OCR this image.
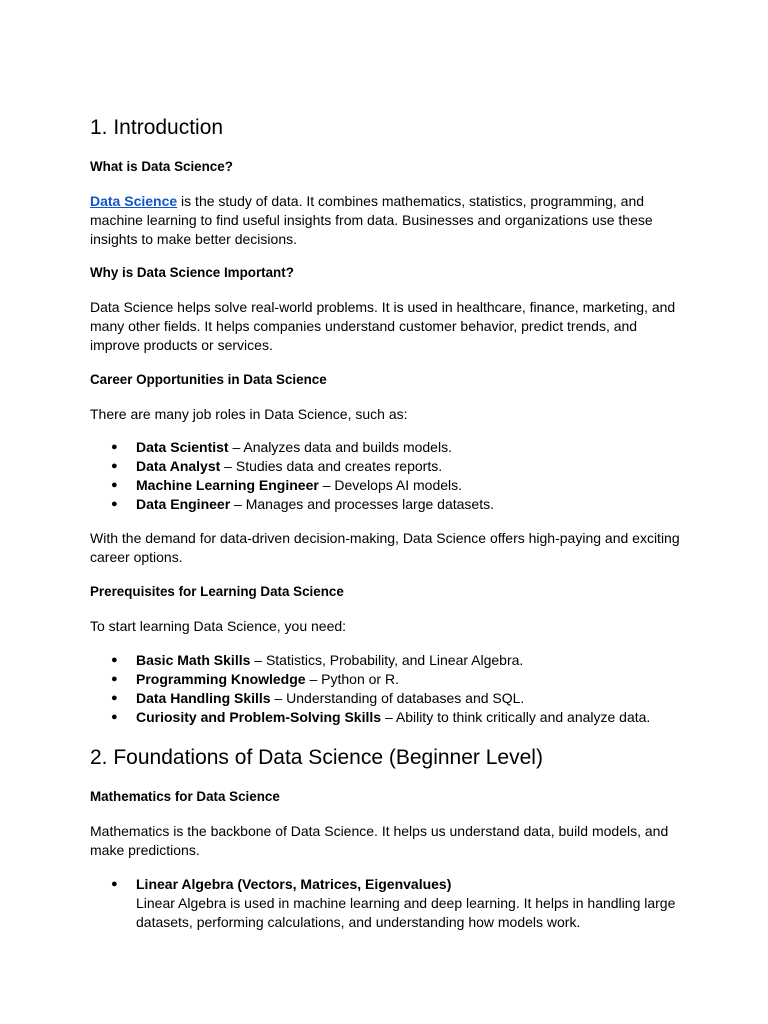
1. Introduction
What is Data Science?

Data Science is the study of data. It combines mathematics, statistics, programming, and machine learning to find useful insights from data. Businesses and organizations use these insights to make better decisions.

Why is Data Science Important?

Data Science helps solve real-world problems. It is used in healthcare, finance, marketing, and many other fields. It helps companies understand customer behavior, predict trends, and improve products or services.

Career Opportunities in Data Science

There are many job roles in Data Science, such as:

● Data Scientist – Analyzes data and builds models.
● Data Analyst – Studies data and creates reports.
● Machine Learning Engineer – Develops AI models.
● Data Engineer – Manages and processes large datasets.

With the demand for data-driven decision-making, Data Science offers high-paying and exciting career options.

Prerequisites for Learning Data Science

To start learning Data Science, you need:

● Basic Math Skills – Statistics, Probability, and Linear Algebra.
● Programming Knowledge – Python or R.
● Data Handling Skills – Understanding of databases and SQL.
● Curiosity and Problem-Solving Skills – Ability to think critically and analyze data.
2. Foundations of Data Science (Beginner Level)
Mathematics for Data Science

Mathematics is the backbone of Data Science. It helps us understand data, build models, and make predictions.

● Linear Algebra (Vectors, Matrices, Eigenvalues)
Linear Algebra is used in machine learning and deep learning. It helps in handling large datasets, performing calculations, and understanding how models work.
